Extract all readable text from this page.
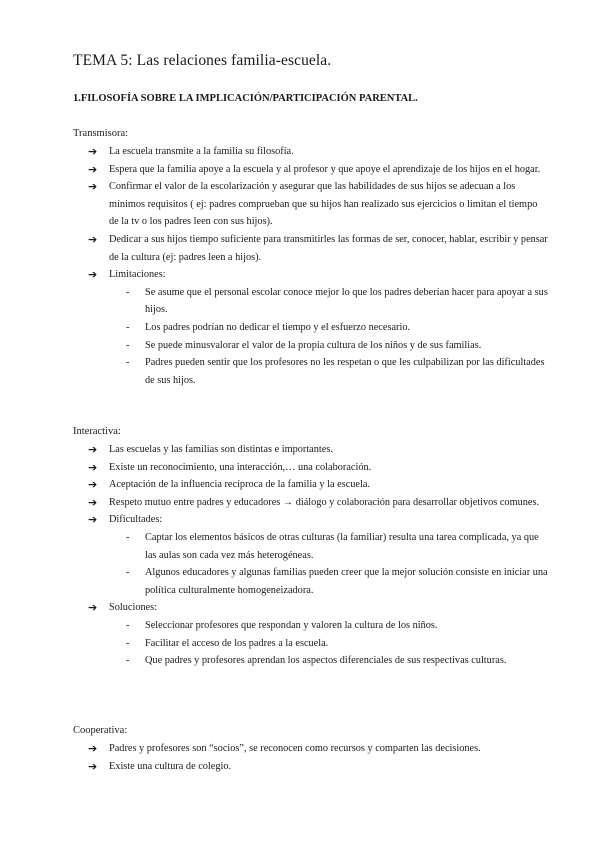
TEMA 5: Las relaciones familia-escuela.
1.FILOSOFÍA SOBRE LA IMPLICACIÓN/PARTICIPACIÓN PARENTAL.
Transmisora:
➔ La escuela transmite a la familia su filosofía.
➔ Espera que la familia apoye a la escuela y al profesor y que apoye el aprendizaje de los hijos en el hogar.
➔ Confirmar el valor de la escolarización y asegurar que las habilidades de sus hijos se adecuan a los mínimos requisitos ( ej: padres comprueban que su hijos han realizado sus ejercicios o limitan el tiempo de la tv o los padres leen con sus hijos).
➔ Dedicar a sus hijos tiempo suficiente para transmitirles las formas de ser, conocer, hablar, escribir y pensar de la cultura (ej: padres leen a hijos).
➔ Limitaciones:
- Se asume que el personal escolar conoce mejor lo que los padres deberían hacer para apoyar a sus hijos.
- Los padres podrían no dedicar el tiempo y el esfuerzo necesario.
- Se puede minusvalorar el valor de la propia cultura de los niños y de sus familias.
- Padres pueden sentir que los profesores no les respetan o que les culpabilizan por las dificultades de sus hijos.
Interactiva:
➔ Las escuelas y las familias son distintas e importantes.
➔ Existe un reconocimiento, una interacción,… una colaboración.
➔ Aceptación de la influencia recíproca de la familia y la escuela.
➔ Respeto mutuo entre padres y educadores → diálogo y colaboración para desarrollar objetivos comunes.
➔ Dificultades:
- Captar los elementos básicos de otras culturas (la familiar) resulta una tarea complicada, ya que las aulas son cada vez más heterogéneas.
- Algunos educadores y algunas familias pueden creer que la mejor solución consiste en iniciar una política culturalmente homogeneizadora.
➔ Soluciones:
- Seleccionar profesores que respondan y valoren la cultura de los niños.
- Facilitar el acceso de los padres a la escuela.
- Que padres y profesores aprendan los aspectos diferenciales de sus respectivas culturas.
Cooperativa:
➔ Padres y profesores son “socios”, se reconocen como recursos y comparten las decisiones.
➔ Existe una cultura de colegio.
